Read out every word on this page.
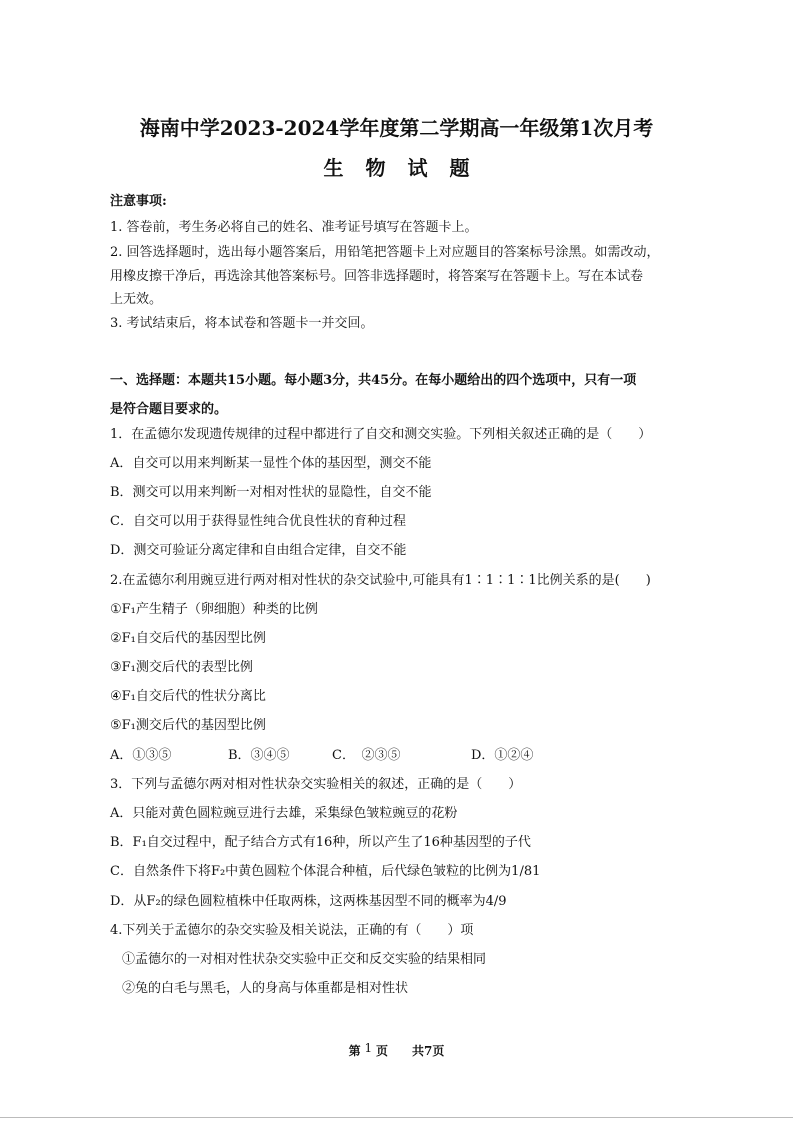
海南中学2023-2024学年度第二学期高一年级第1次月考
生物试题
注意事项:
1. 答卷前，考生务必将自己的姓名、准考证号填写在答题卡上。
2. 回答选择题时，选出每小题答案后，用铅笔把答题卡上对应题目的答案标号涂黑。如需改动，
用橡皮擦干净后，再选涂其他答案标号。回答非选择题时，将答案写在答题卡上。写在本试卷
上无效。
3. 考试结束后，将本试卷和答题卡一并交回。
一、选择题：本题共15小题。每小题3分，共45分。在每小题给出的四个选项中，只有一项
是符合题目要求的。
1．在孟德尔发现遗传规律的过程中都进行了自交和测交实验。下列相关叙述正确的是（　　）
A．自交可以用来判断某一显性个体的基因型，测交不能
B．测交可以用来判断一对相对性状的显隐性，自交不能
C．自交可以用于获得显性纯合优良性状的育种过程
D．测交可验证分离定律和自由组合定律，自交不能
2.在孟德尔利用豌豆进行两对相对性状的杂交试验中,可能具有1∶1∶1∶1比例关系的是(　　)
①F₁产生精子（卵细胞）种类的比例
②F₁自交后代的基因型比例
③F₁测交后代的表型比例
④F₁自交后代的性状分离比
⑤F₁测交后代的基因型比例
A．①③⑤	B．③④⑤	C．　②③⑤	D．①②④
3．下列与孟德尔两对相对性状杂交实验相关的叙述，正确的是（　　）
A．只能对黄色圆粒豌豆进行去雄，采集绿色皱粒豌豆的花粉
B．F₁自交过程中，配子结合方式有16种，所以产生了16种基因型的子代
C．自然条件下将F₂中黄色圆粒个体混合种植，后代绿色皱粒的比例为1/81
D．从F₂的绿色圆粒植株中任取两株，这两株基因型不同的概率为4/9
4.下列关于孟德尔的杂交实验及相关说法，正确的有（　　）项
①孟德尔的一对相对性状杂交实验中正交和反交实验的结果相同
②兔的白毛与黑毛，人的身高与体重都是相对性状
第 1 页　　共7页
